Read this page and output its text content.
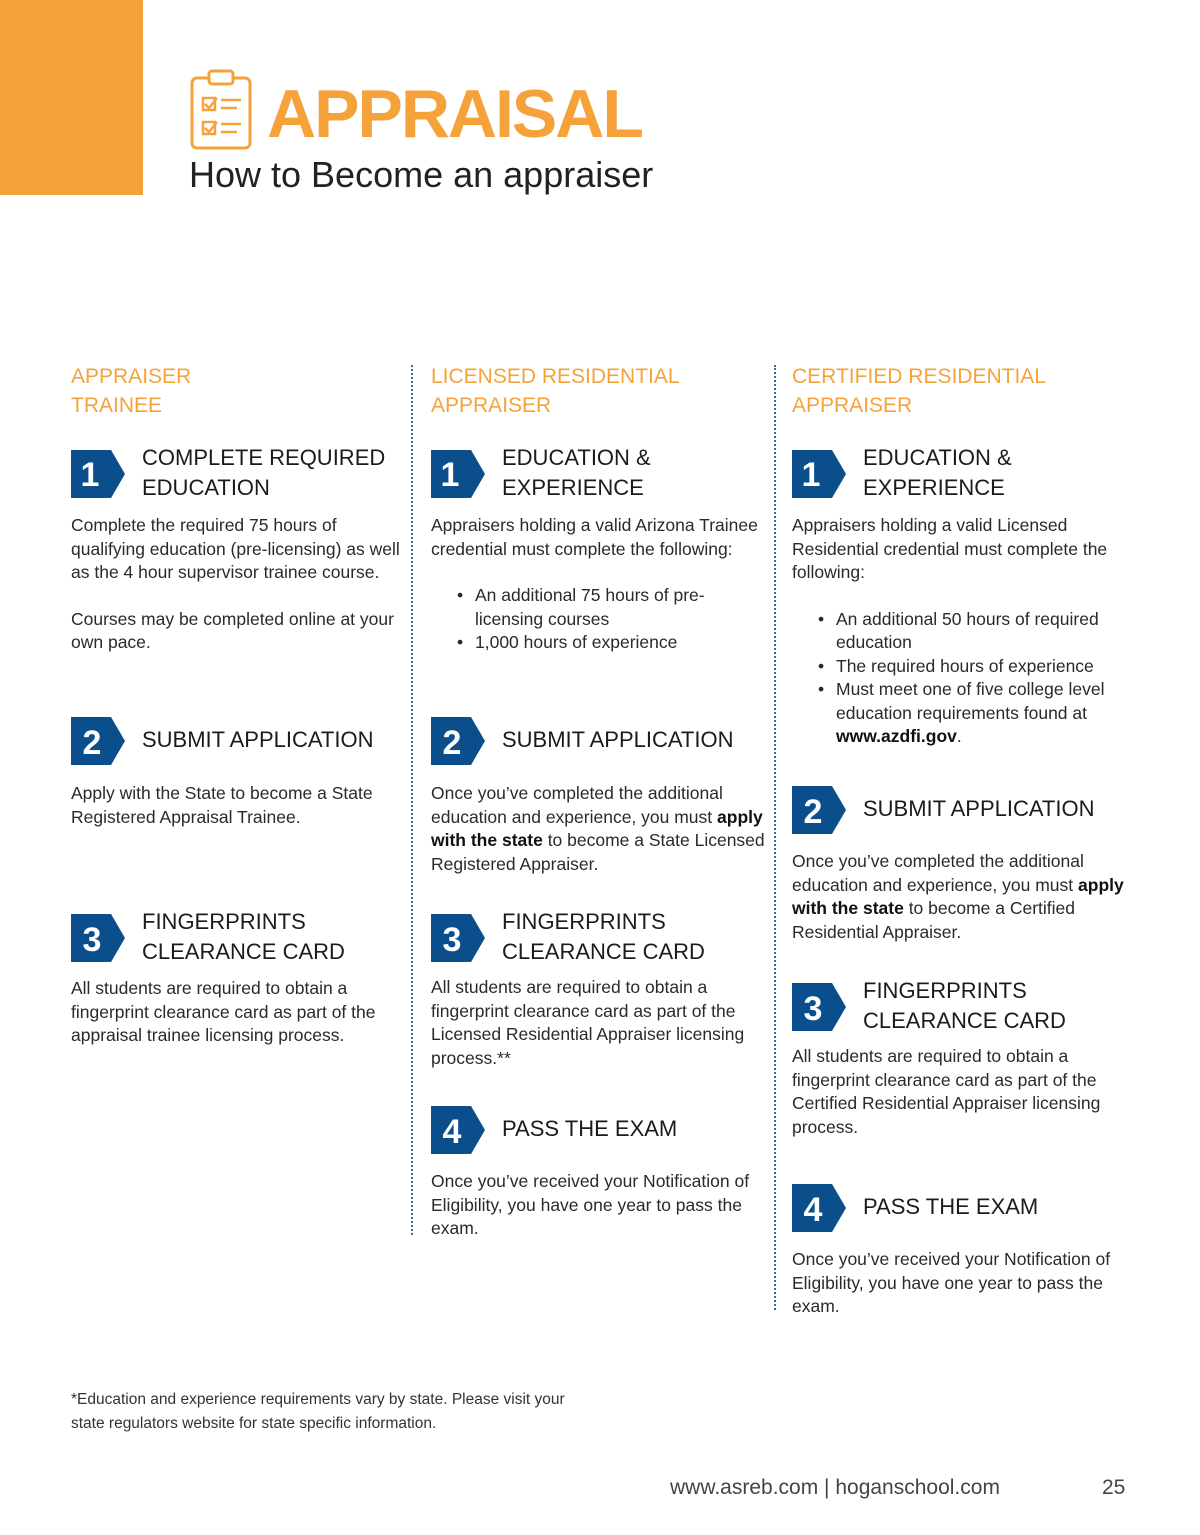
APPRAISAL
How to Become an appraiser
APPRAISER
TRAINEE
1 COMPLETE REQUIRED
EDUCATION

Complete the required 75 hours of qualifying education (pre-licensing) as well as the 4 hour supervisor trainee course.

Courses may be completed online at your own pace.

2 SUBMIT APPLICATION

Apply with the State to become a State Registered Appraisal Trainee.

3 FINGERPRINTS
CLEARANCE CARD

All students are required to obtain a fingerprint clearance card as part of the appraisal trainee licensing process.

LICENSED RESIDENTIAL
APPRAISER
1 EDUCATION &
EXPERIENCE

Appraisers holding a valid Arizona Trainee credential must complete the following:

• An additional 75 hours of pre-licensing courses
• 1,000 hours of experience
2 SUBMIT APPLICATION

Once you’ve completed the additional education and experience, you must apply with the state to become a State Licensed Registered Appraiser.

3 FINGERPRINTS
CLEARANCE CARD

All students are required to obtain a fingerprint clearance card as part of the Licensed Residential Appraiser licensing process.**

4 PASS THE EXAM

Once you’ve received your Notification of Eligibility, you have one year to pass the exam.

CERTIFIED RESIDENTIAL
APPRAISER
1 EDUCATION &
EXPERIENCE

Appraisers holding a valid Licensed Residential credential must complete the following:

• An additional 50 hours of required education
• The required hours of experience
• Must meet one of five college level education requirements found at www.azdfi.gov.
2 SUBMIT APPLICATION

Once you’ve completed the additional education and experience, you must apply with the state to become a Certified Residential Appraiser.

3 FINGERPRINTS
CLEARANCE CARD

All students are required to obtain a fingerprint clearance card as part of the Certified Residential Appraiser licensing process.

4 PASS THE EXAM

Once you’ve received your Notification of Eligibility, you have one year to pass the exam.

*Education and experience requirements vary by state. Please visit your state regulators website for state specific information.
www.asreb.com | hoganschool.com	25
